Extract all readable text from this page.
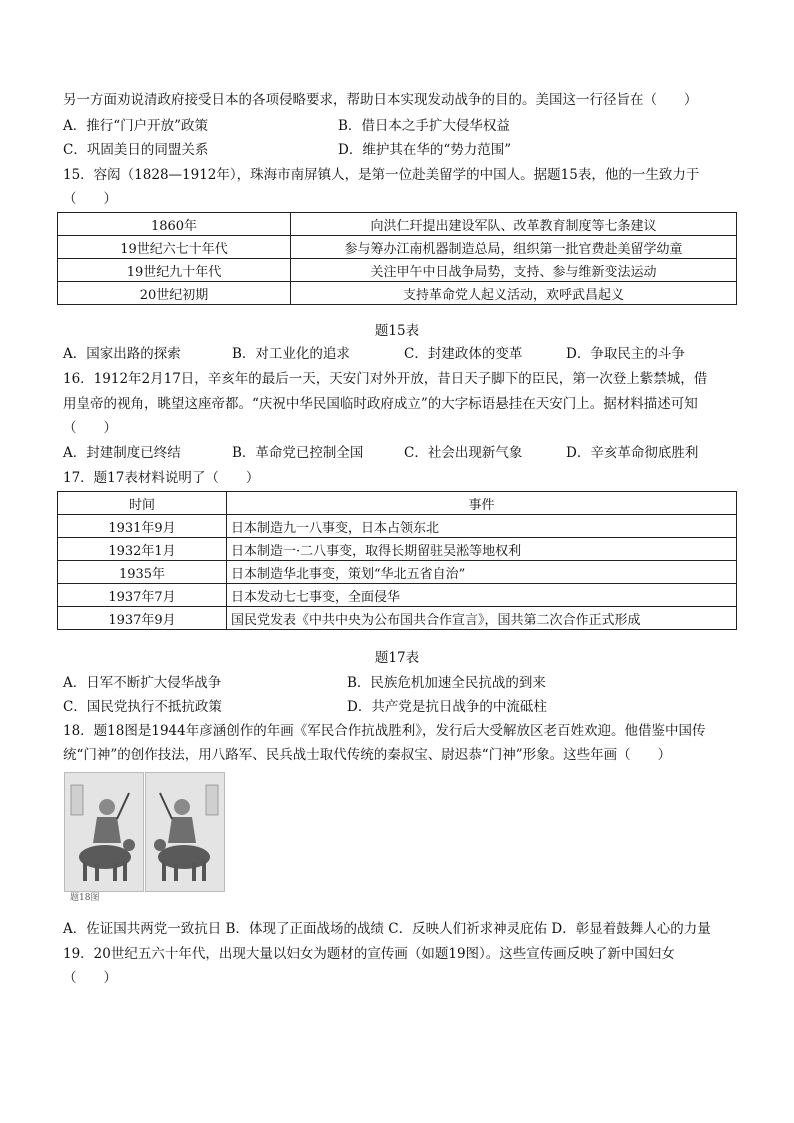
另一方面劝说清政府接受日本的各项侵略要求，帮助日本实现发动战争的目的。美国这一行径旨在（　　）
A．推行“门户开放”政策	B．借日本之手扩大侵华权益
C．巩固美日的同盟关系	D．维护其在华的“势力范围”
15．容闳（1828—1912年），珠海市南屏镇人，是第一位赴美留学的中国人。据题15表，他的一生致力于
（　　）
1860年	向洪仁玕提出建设军队、改革教育制度等七条建议
19世纪六七十年代	参与筹办江南机器制造总局，组织第一批官费赴美留学幼童
19世纪九十年代	关注甲午中日战争局势，支持、参与维新变法运动
20世纪初期	支持革命党人起义活动，欢呼武昌起义
题15表
A．国家出路的探索	B．对工业化的追求	C．封建政体的变革	D．争取民主的斗争
16．1912年2月17日，辛亥年的最后一天，天安门对外开放，昔日天子脚下的臣民，第一次登上紫禁城，借
用皇帝的视角，眺望这座帝都。“庆祝中华民国临时政府成立”的大字标语悬挂在天安门上。据材料描述可知
（　　）
A．封建制度已终结	B．革命党已控制全国	C．社会出现新气象	D．辛亥革命彻底胜利
17．题17表材料说明了（　　）
时间	事件
1931年9月	日本制造九一八事变，日本占领东北
1932年1月	日本制造一·二八事变，取得长期留驻吴淞等地权利
1935年	日本制造华北事变，策划“华北五省自治”
1937年7月	日本发动七七事变，全面侵华
1937年9月	国民党发表《中共中央为公布国共合作宣言》，国共第二次合作正式形成
题17表
A．日军不断扩大侵华战争	B．民族危机加速全民抗战的到来
C．国民党执行不抵抗政策	D．共产党是抗日战争的中流砥柱
18．题18图是1944年彦涵创作的年画《军民合作抗战胜利》，发行后大受解放区老百姓欢迎。他借鉴中国传
统“门神”的创作技法，用八路军、民兵战士取代传统的秦叔宝、尉迟恭“门神”形象。这些年画（　　）
题18图
A．佐证国共两党一致抗日 B．体现了正面战场的战绩 C．反映人们祈求神灵庇佑 D．彰显着鼓舞人心的力量
19．20世纪五六十年代，出现大量以妇女为题材的宣传画（如题19图）。这些宣传画反映了新中国妇女
（　　）
